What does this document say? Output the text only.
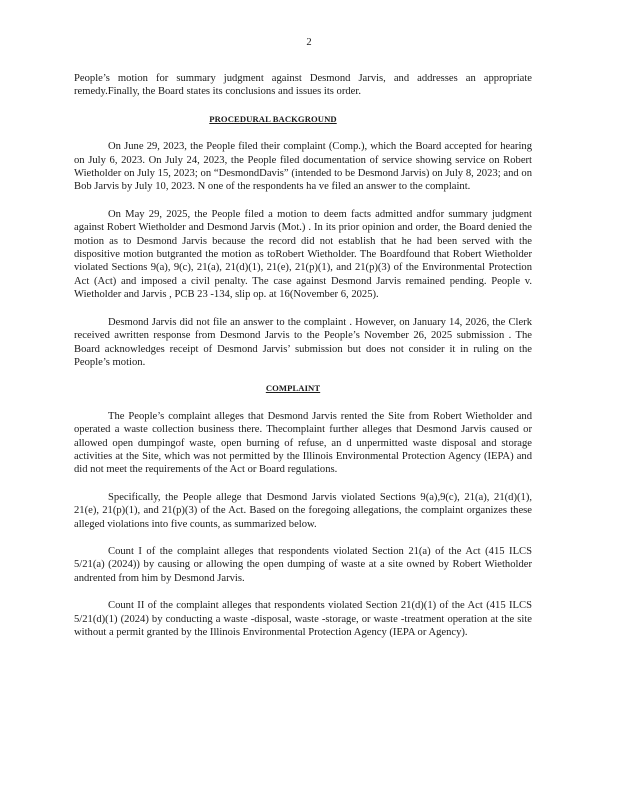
2

People’s motion for summary judgment against Desmond Jarvis, and addresses an appropriate remedy.Finally, the Board states its conclusions and issues its order.

PROCEDURAL BACKGROUND

On June 29, 2023, the People filed their complaint (Comp.), which the Board accepted for hearing on July 6, 2023. On July 24, 2023, the People filed documentation of service showing service on Robert Wietholder on July 15, 2023; on “DesmondDavis” (intended to be Desmond Jarvis) on July 8, 2023; and on Bob Jarvis by July 10, 2023. N one of the respondents ha ve filed an answer to the complaint.

On May 29, 2025, the People filed a motion to deem facts admitted andfor summary judgment against Robert Wietholder and Desmond Jarvis (Mot.) . In its prior opinion and order, the Board denied the motion as to Desmond Jarvis because the record did not establish that he had been served with the dispositive motion butgranted the motion as toRobert Wietholder. The Boardfound that Robert Wietholder violated Sections 9(a), 9(c), 21(a), 21(d)(1), 21(e), 21(p)(1), and 21(p)(3) of the Environmental Protection Act (Act) and imposed a civil penalty. The case against Desmond Jarvis remained pending. People v. Wietholder and Jarvis , PCB 23 -134, slip op. at 16(November 6, 2025).

Desmond Jarvis did not file an answer to the complaint . However, on January 14, 2026, the Clerk received awritten response from Desmond Jarvis to the People’s November 26, 2025 submission . The Board acknowledges receipt of Desmond Jarvis’ submission but does not consider it in ruling on the People’s motion.

COMPLAINT

The People’s complaint alleges that Desmond Jarvis rented the Site from Robert Wietholder and operated a waste collection business there. Thecomplaint further alleges that Desmond Jarvis caused or allowed open dumpingof waste, open burning of refuse, an d unpermitted waste disposal and storage activities at the Site, which was not permitted by the Illinois Environmental Protection Agency (IEPA) and did not meet the requirements of the Act or Board regulations.

Specifically, the People allege that Desmond Jarvis violated Sections 9(a),9(c), 21(a), 21(d)(1), 21(e), 21(p)(1), and 21(p)(3) of the Act. Based on the foregoing allegations, the complaint organizes these alleged violations into five counts, as summarized below.

Count I of the complaint alleges that respondents violated Section 21(a) of the Act (415 ILCS 5/21(a) (2024)) by causing or allowing the open dumping of waste at a site owned by Robert Wietholder andrented from him by Desmond Jarvis.

Count II of the complaint alleges that respondents violated Section 21(d)(1) of the Act (415 ILCS 5/21(d)(1) (2024) by conducting a waste -disposal, waste -storage, or waste -treatment operation at the site without a permit granted by the Illinois Environmental Protection Agency (IEPA or Agency).
